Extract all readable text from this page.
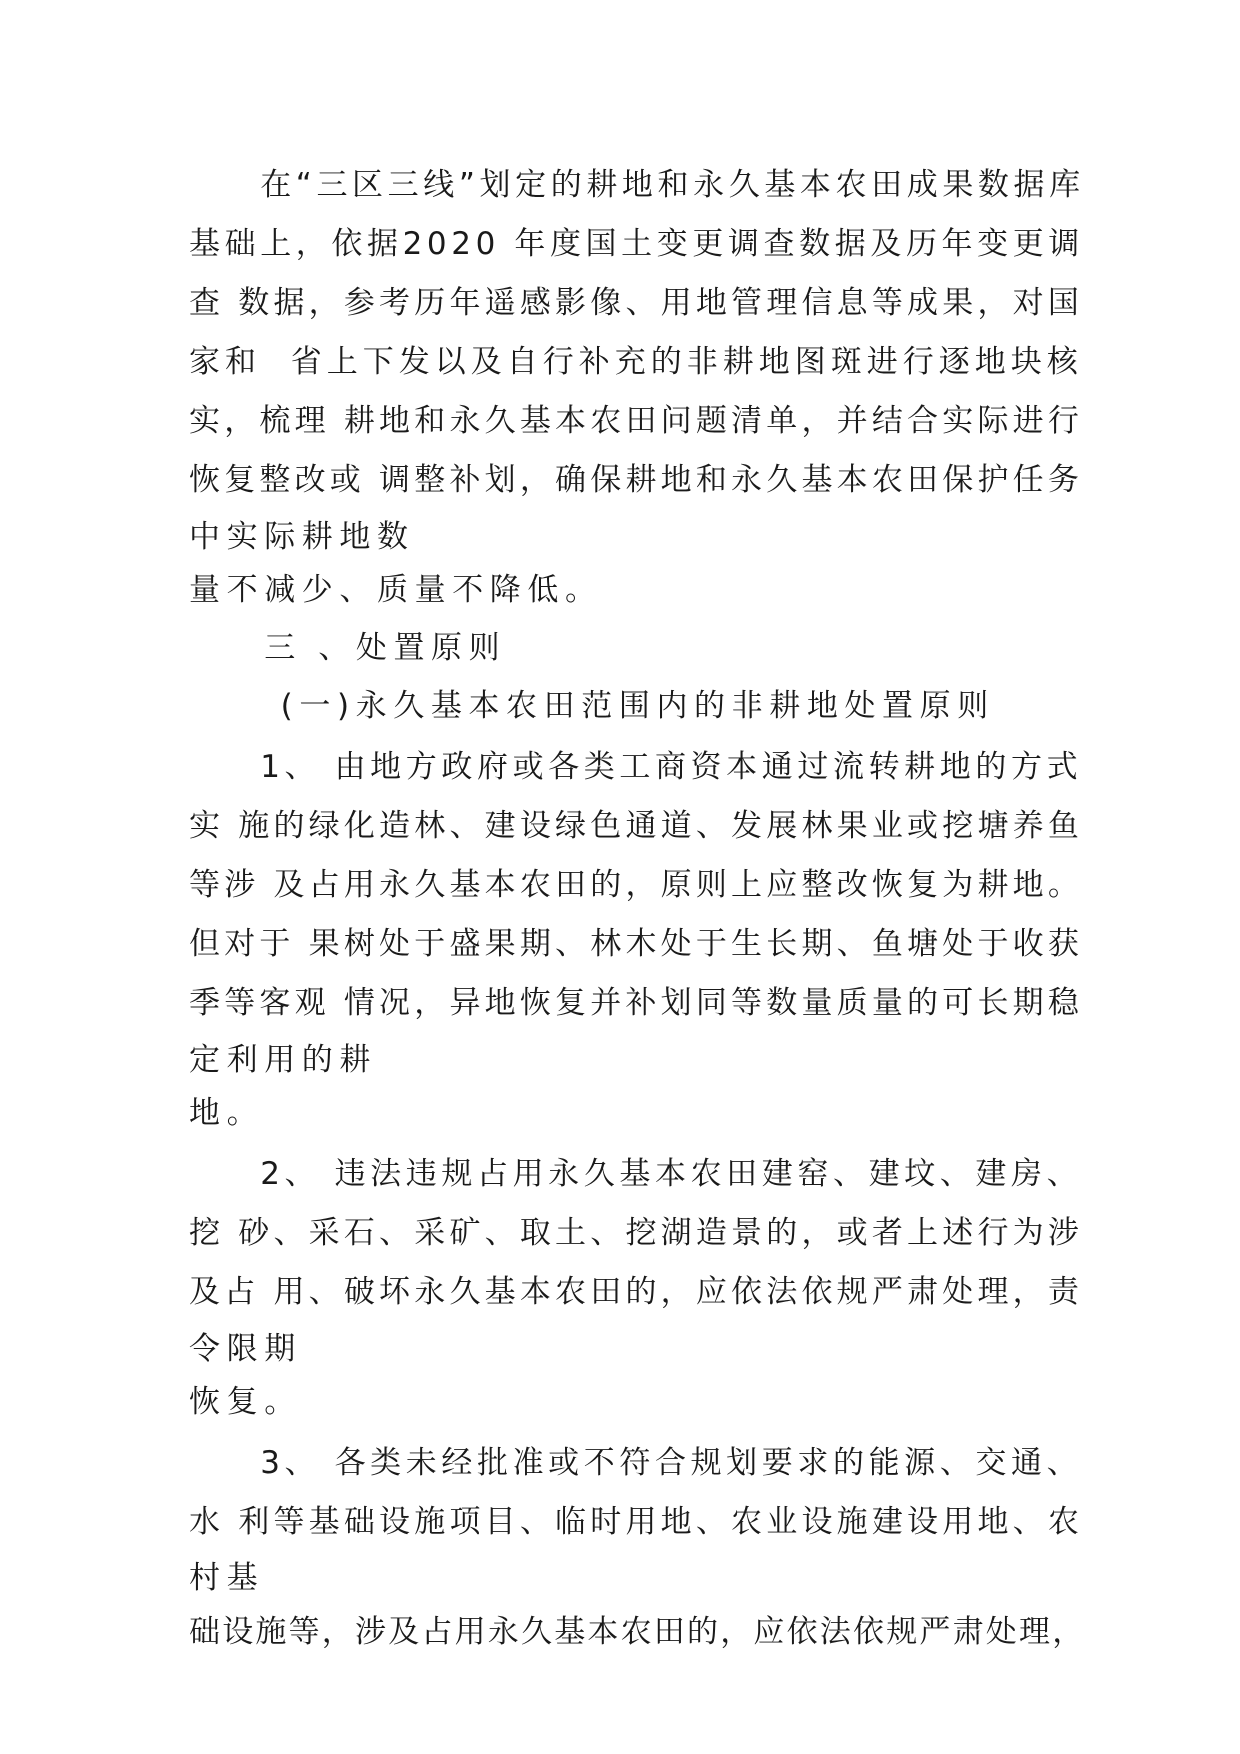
　　在“三区三线”划定的耕地和永久基本农田成果数据库

基础上，依据2020 年度国土变更调查数据及历年变更调

查 数据，参考历年遥感影像、用地管理信息等成果，对国

家和  省上下发以及自行补充的非耕地图斑进行逐地块核

实，梳理 耕地和永久基本农田问题清单，并结合实际进行

恢复整改或 调整补划，确保耕地和永久基本农田保护任务

中实际耕地数

量不减少、质量不降低。

　　三 、处置原则

　　 (一)永久基本农田范围内的非耕地处置原则

　　1、 由地方政府或各类工商资本通过流转耕地的方式

实 施的绿化造林、建设绿色通道、发展林果业或挖塘养鱼

等涉 及占用永久基本农田的，原则上应整改恢复为耕地。

但对于 果树处于盛果期、林木处于生长期、鱼塘处于收获

季等客观 情况，异地恢复并补划同等数量质量的可长期稳

定利用的耕

地。

　　2、 违法违规占用永久基本农田建窑、建坟、建房、

挖 砂、采石、采矿、取土、挖湖造景的，或者上述行为涉

及占 用、破坏永久基本农田的，应依法依规严肃处理，责

令限期

恢复。

　　3、 各类未经批准或不符合规划要求的能源、交通、

水 利等基础设施项目、临时用地、农业设施建设用地、农

村基

础设施等，涉及占用永久基本农田的，应依法依规严肃处理，
